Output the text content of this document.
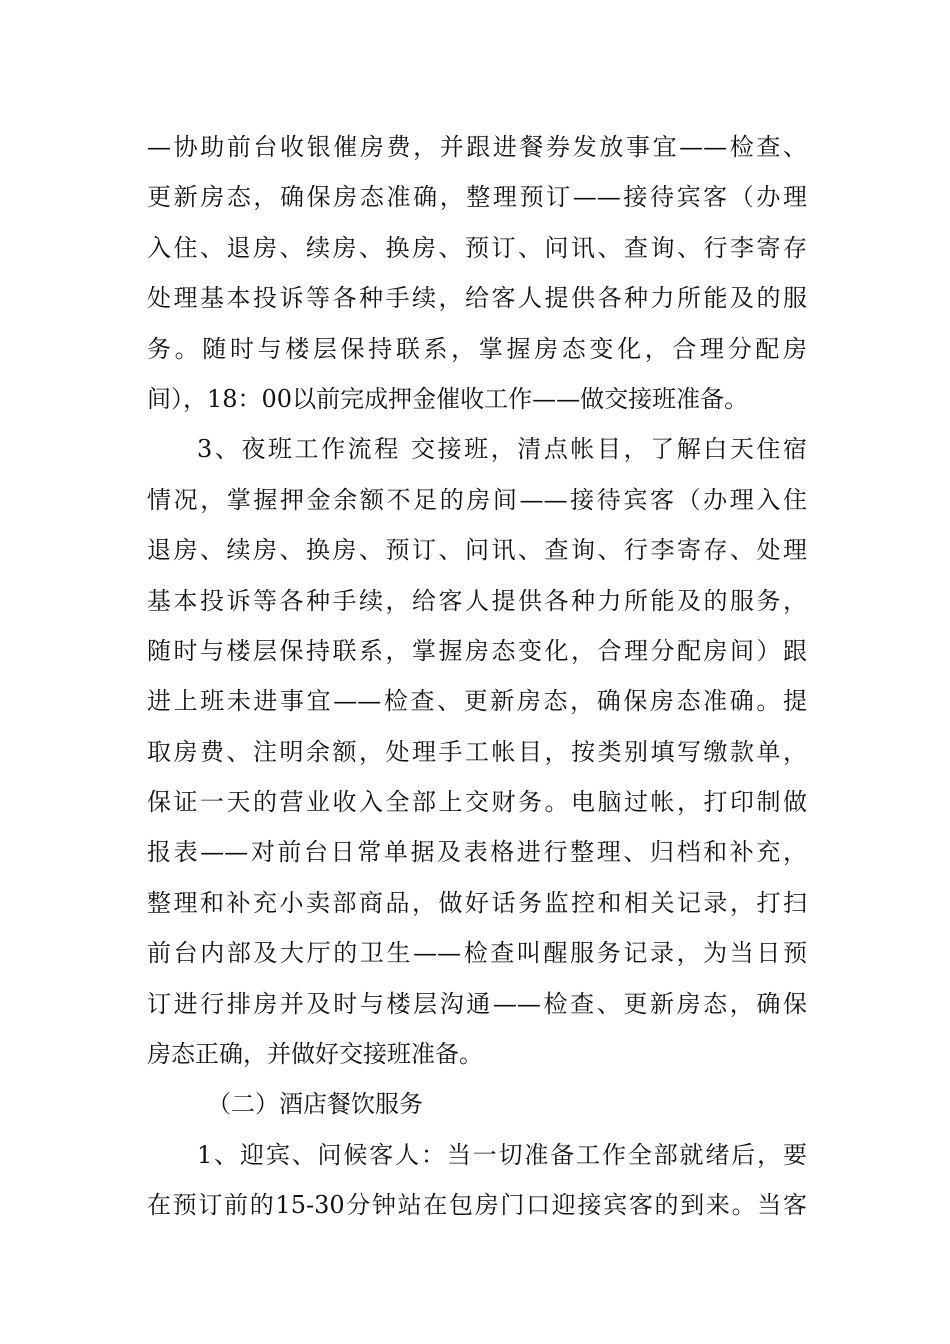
—协助前台收银催房费，并跟进餐券发放事宜——检查、
更新房态，确保房态准确，整理预订——接待宾客（办理
入住、退房、续房、换房、预订、问讯、查询、行李寄存
处理基本投诉等各种手续，给客人提供各种力所能及的服
务。随时与楼层保持联系，掌握房态变化，合理分配房
间），18：00以前完成押金催收工作——做交接班准备。
3、夜班工作流程 交接班，清点帐目，了解白天住宿
情况，掌握押金余额不足的房间——接待宾客（办理入住
退房、续房、换房、预订、问讯、查询、行李寄存、处理
基本投诉等各种手续，给客人提供各种力所能及的服务，
随时与楼层保持联系，掌握房态变化，合理分配房间）跟
进上班未进事宜——检查、更新房态，确保房态准确。提
取房费、注明余额，处理手工帐目，按类别填写缴款单，
保证一天的营业收入全部上交财务。电脑过帐，打印制做
报表——对前台日常单据及表格进行整理、归档和补充，
整理和补充小卖部商品，做好话务监控和相关记录，打扫
前台内部及大厅的卫生——检查叫醒服务记录，为当日预
订进行排房并及时与楼层沟通——检查、更新房态，确保
房态正确，并做好交接班准备。
（二）酒店餐饮服务
1、迎宾、问候客人：当一切准备工作全部就绪后，要
在预订前的15-30分钟站在包房门口迎接宾客的到来。当客
